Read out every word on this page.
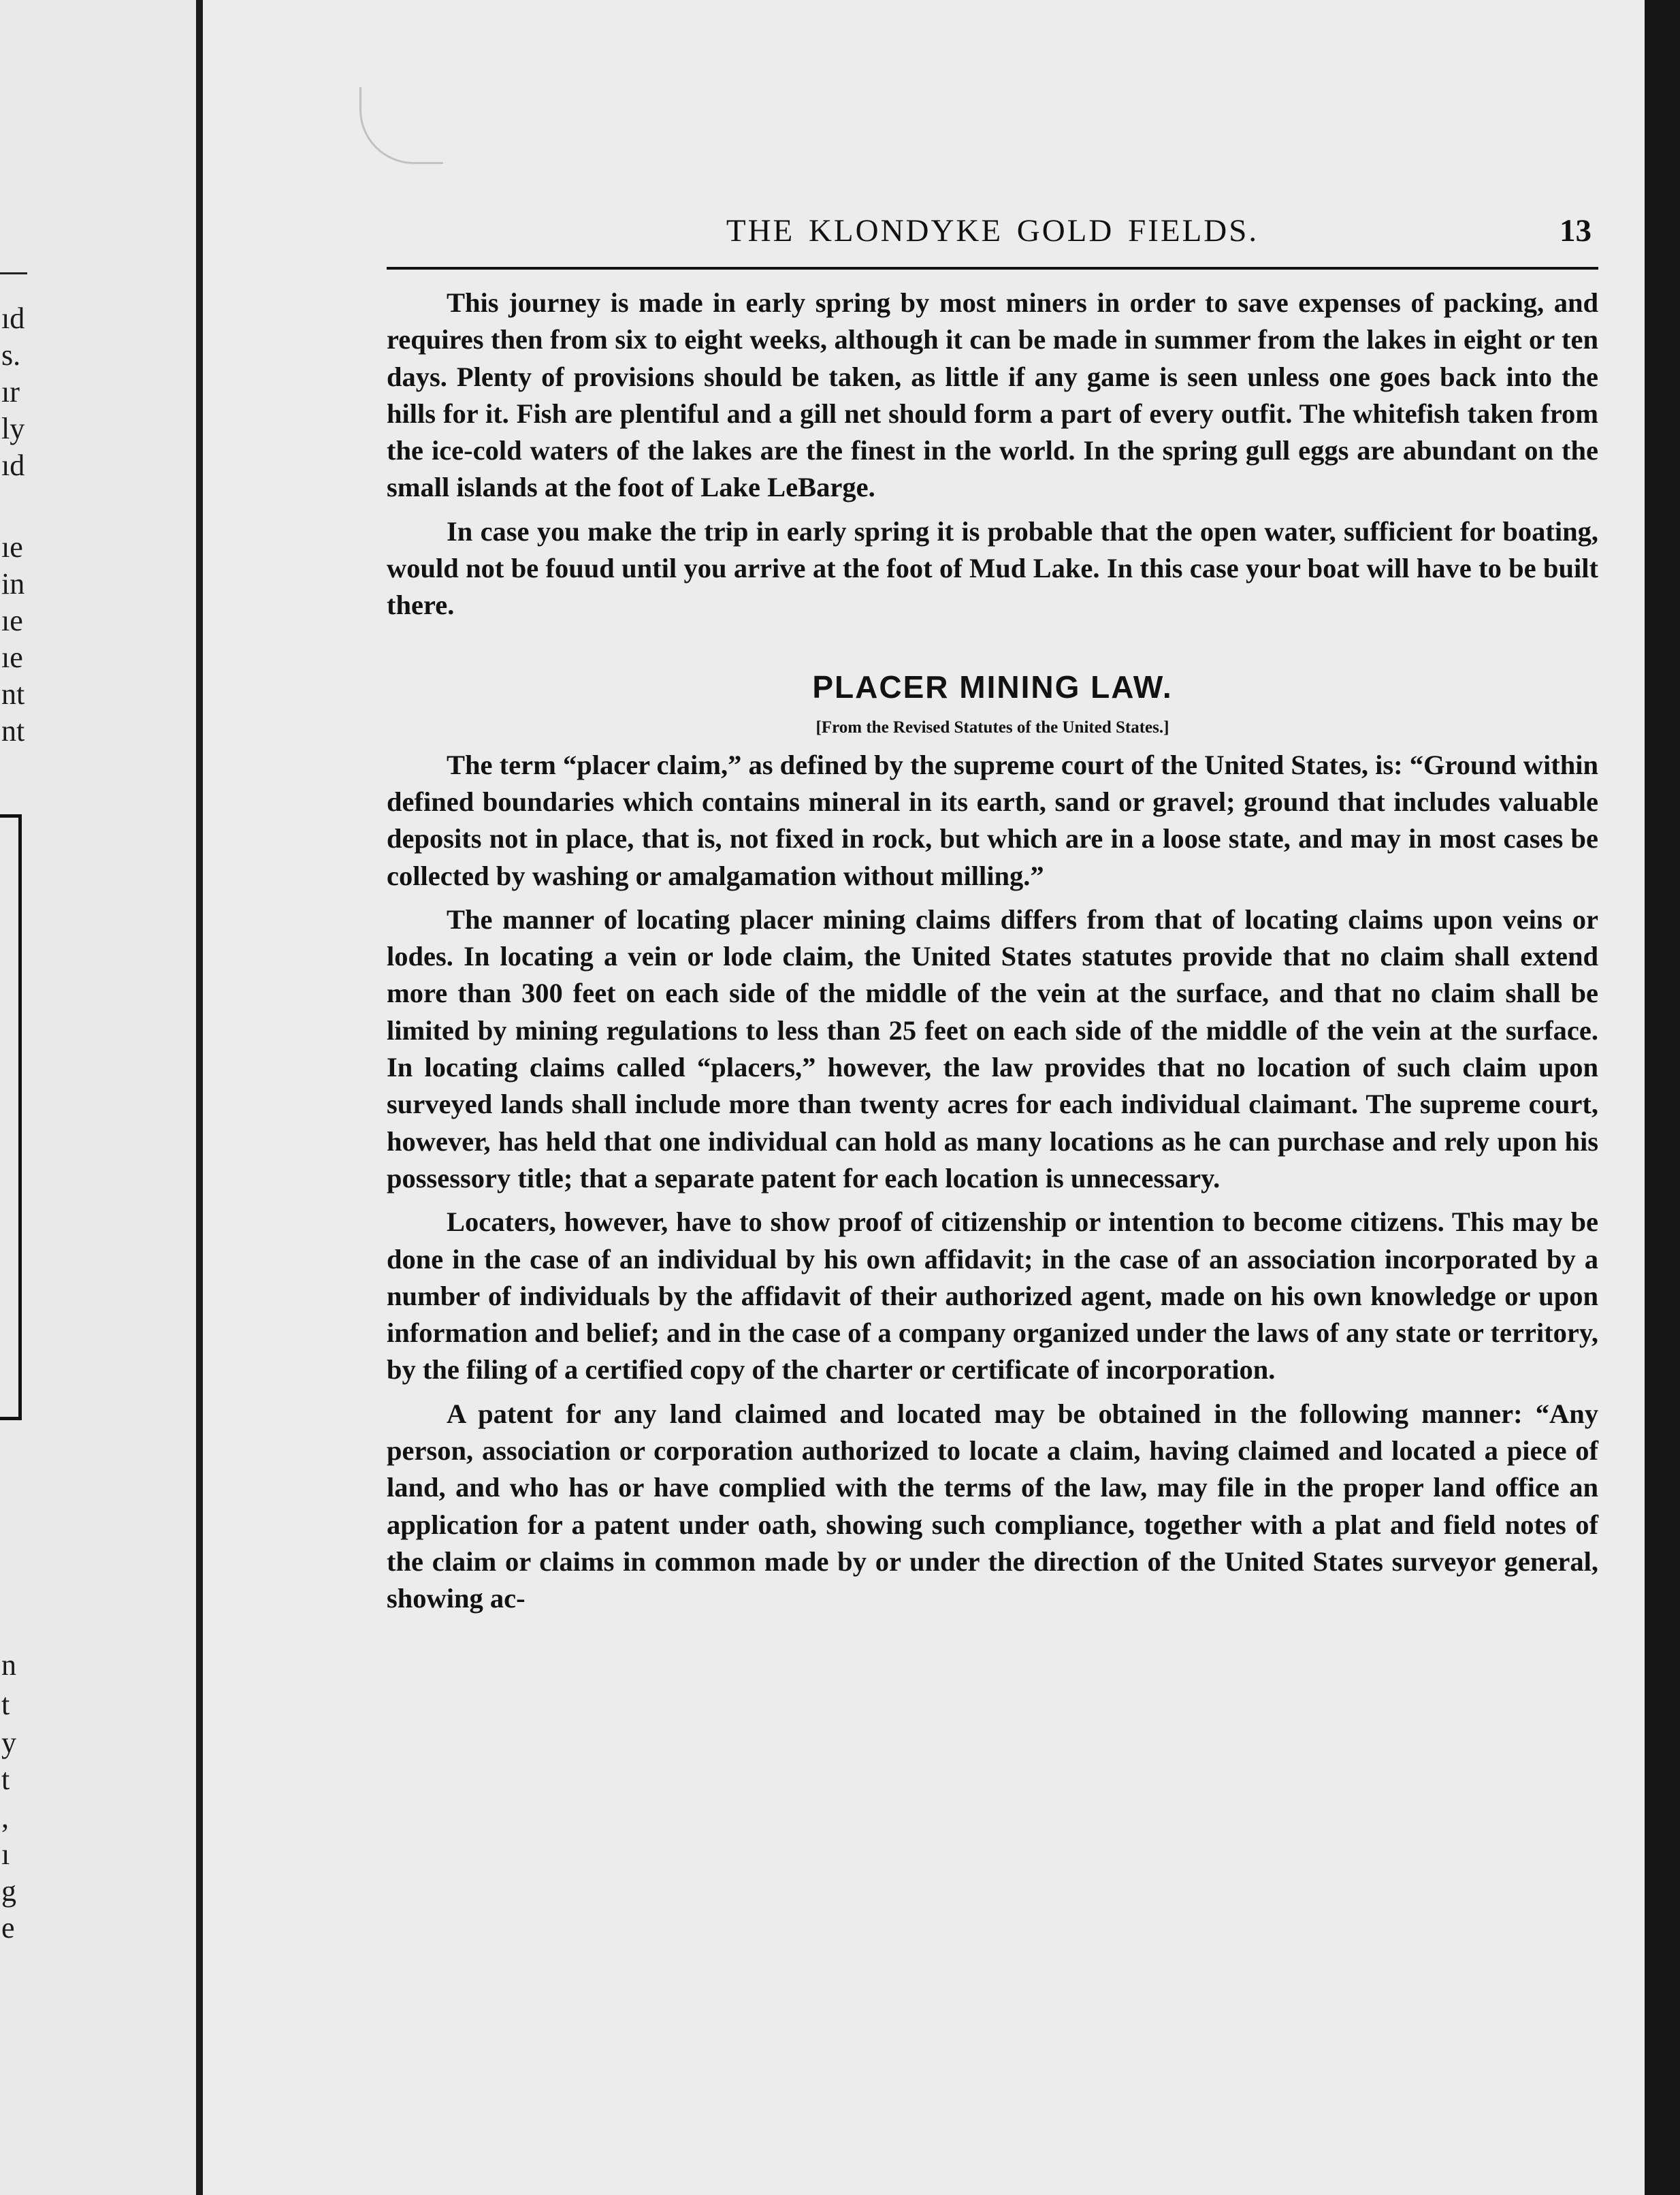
ıd
s.
ır
ly
ıd
ıe
in
ıe
ıe
nt
nt
n
t
y
t
,
ı
g
e
THE KLONDYKE GOLD FIELDS.	13

This journey is made in early spring by most miners in order to save expenses of packing, and requires then from six to eight weeks, although it can be made in summer from the lakes in eight or ten days. Plenty of provisions should be taken, as little if any game is seen unless one goes back into the hills for it. Fish are plentiful and a gill net should form a part of every outfit. The whitefish taken from the ice-cold waters of the lakes are the finest in the world. In the spring gull eggs are abundant on the small islands at the foot of Lake LeBarge.

In case you make the trip in early spring it is probable that the open water, sufficient for boating, would not be fouud until you arrive at the foot of Mud Lake. In this case your boat will have to be built there.

PLACER MINING LAW.
[From the Revised Statutes of the United States.]

The term “placer claim,” as defined by the supreme court of the United States, is: “Ground within defined boundaries which contains mineral in its earth, sand or gravel; ground that includes valuable deposits not in place, that is, not fixed in rock, but which are in a loose state, and may in most cases be collected by washing or amalgamation without milling.”

The manner of locating placer mining claims differs from that of locating claims upon veins or lodes. In locating a vein or lode claim, the United States statutes provide that no claim shall extend more than 300 feet on each side of the middle of the vein at the surface, and that no claim shall be limited by mining regulations to less than 25 feet on each side of the middle of the vein at the surface. In locating claims called “placers,” however, the law provides that no location of such claim upon surveyed lands shall include more than twenty acres for each individual claimant. The supreme court, however, has held that one individual can hold as many locations as he can purchase and rely upon his possessory title; that a separate patent for each location is unnecessary.

Locaters, however, have to show proof of citizenship or intention to become citizens. This may be done in the case of an individual by his own affidavit; in the case of an association incorporated by a number of individuals by the affidavit of their authorized agent, made on his own knowledge or upon information and belief; and in the case of a company organized under the laws of any state or territory, by the filing of a certified copy of the charter or certificate of incorporation.

A patent for any land claimed and located may be obtained in the following manner: “Any person, association or corporation authorized to locate a claim, having claimed and located a piece of land, and who has or have complied with the terms of the law, may file in the proper land office an application for a patent under oath, showing such compliance, together with a plat and field notes of the claim or claims in common made by or under the direction of the United States surveyor general, showing ac-
